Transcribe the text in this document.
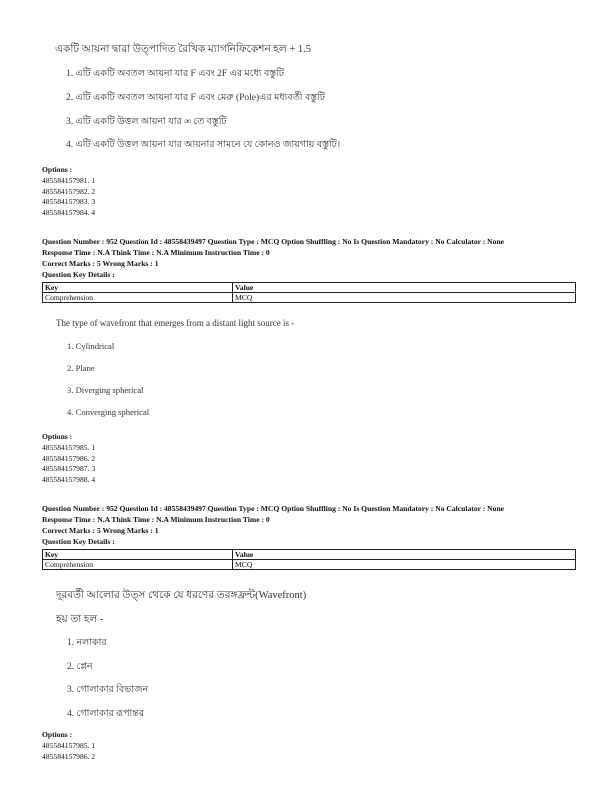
একটি আয়না দ্বারা উত্পাদিত রৈখিক ম্যাগনিফিকেশন হল + 1.5
1. এটি একটি অবতল আয়না যার F এবং 2F এর মধ্যে বস্তুটি
2. এটি একটি অবতল আয়না যার F এবং মেরু (Pole)এর মধ্যবর্তী বস্তুটি
3. এটি একটি উত্তল আয়না যার ∞ তে বস্তুটি
4. এটি একটি উত্তল আয়না যার আয়নার সামনে যে কোনও জায়গায় বস্তুটি।
Options :
485584157981. 1
485584157982. 2
485584157983. 3
485584157984. 4
Question Number : 952 Question Id : 48558439497 Question Type : MCQ Option Shuffling : No Is Question Mandatory : No Calculator : None
Response Time : N.A Think Time : N.A Minimum Instruction Time : 0
Correct Marks : 5 Wrong Marks : 1
Question Key Details :
Key	Value
Comprehension	MCQ
The type of wavefront that emerges from a distant light source is -
1. Cylindrical
2. Plane
3. Diverging spherical
4. Converging spherical
Options :
485584157985. 1
485584157986. 2
485584157987. 3
485584157988. 4
Question Number : 952 Question Id : 48558439497 Question Type : MCQ Option Shuffling : No Is Question Mandatory : No Calculator : None
Response Time : N.A Think Time : N.A Minimum Instruction Time : 0
Correct Marks : 5 Wrong Marks : 1
Question Key Details :
Key	Value
Comprehension	MCQ
দূরবর্তী আলোর উত্স থেকে যে ধরণের তরঙ্গফ্রন্ট(Wavefront)
হয় তা হল -
1. নলাকার
2. প্লেন
3. গোলাকার বিভাজন
4. গোলাকার রূপান্তর
Options :
485584157985. 1
485584157986. 2
